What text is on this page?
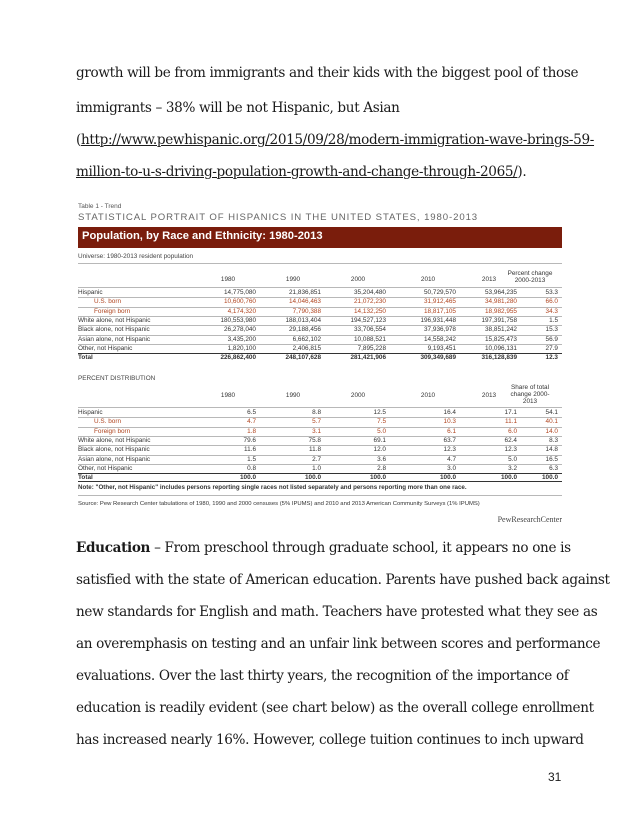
growth will be from immigrants and their kids with the biggest pool of those
immigrants – 38% will be not Hispanic, but Asian
(http://www.pewhispanic.org/2015/09/28/modern-immigration-wave-brings-59-
million-to-u-s-driving-population-growth-and-change-through-2065/).
Table 1 - Trend
STATISTICAL PORTRAIT OF HISPANICS IN THE UNITED STATES, 1980-2013
Population, by Race and Ethnicity: 1980-2013
Universe: 1980-2013 resident population
1980	1990	2000	2010	2013
Percent change
2000-2013
Hispanic	14,775,080	21,836,851	35,204,480	50,729,570	53,964,235	53.3
U.S. born	10,600,760	14,046,463	21,072,230	31,912,465	34,981,280	66.0
Foreign born	4,174,320	7,790,388	14,132,250	18,817,105	18,982,955	34.3
White alone, not Hispanic	180,553,980	188,013,404	194,527,123	196,931,448	197,391,758	1.5
Black alone, not Hispanic	26,278,040	29,188,456	33,706,554	37,936,978	38,851,242	15.3
Asian alone, not Hispanic	3,435,200	6,662,102	10,088,521	14,558,242	15,825,473	56.9
Other, not Hispanic	1,820,100	2,406,815	7,895,228	9,193,451	10,096,131	27.9
Total	226,862,400	248,107,628	281,421,906	309,349,689	316,128,839	12.3
PERCENT DISTRIBUTION
1980	1990	2000	2010	2013
Share of total
change 2000-
2013
Hispanic	6.5	8.8	12.5	16.4	17.1	54.1
U.S. born	4.7	5.7	7.5	10.3	11.1	40.1
Foreign born	1.8	3.1	5.0	6.1	6.0	14.0
White alone, not Hispanic	79.6	75.8	69.1	63.7	62.4	8.3
Black alone, not Hispanic	11.6	11.8	12.0	12.3	12.3	14.8
Asian alone, not Hispanic	1.5	2.7	3.6	4.7	5.0	16.5
Other, not Hispanic	0.8	1.0	2.8	3.0	3.2	6.3
Total	100.0	100.0	100.0	100.0	100.0	100.0
Note: "Other, not Hispanic" includes persons reporting single races not listed separately and persons reporting more than one race.
Source: Pew Research Center tabulations of 1980, 1990 and 2000 censuses (5% IPUMS) and 2010 and 2013 American Community Surveys (1% IPUMS)
PewResearchCenter
Education – From preschool through graduate school, it appears no one is
satisfied with the state of American education. Parents have pushed back against
new standards for English and math. Teachers have protested what they see as
an overemphasis on testing and an unfair link between scores and performance
evaluations. Over the last thirty years, the recognition of the importance of
education is readily evident (see chart below) as the overall college enrollment
has increased nearly 16%. However, college tuition continues to inch upward
31
